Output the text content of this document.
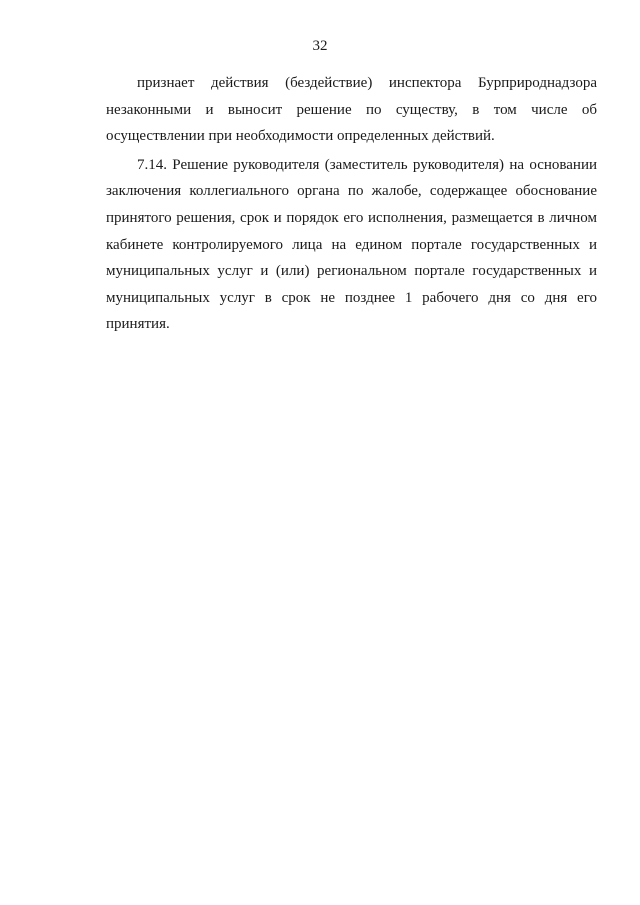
32

признает действия (бездействие) инспектора Бурприроднадзора незаконными и выносит решение по существу, в том числе об осуществлении при необходимости определенных действий.

7.14. Решение руководителя (заместитель руководителя) на основании заключения коллегиального органа по жалобе, содержащее обоснование принятого решения, срок и порядок его исполнения, размещается в личном кабинете контролируемого лица на едином портале государственных и муниципальных услуг и (или) региональном портале государственных и муниципальных услуг в срок не позднее 1 рабочего дня со дня его принятия.
